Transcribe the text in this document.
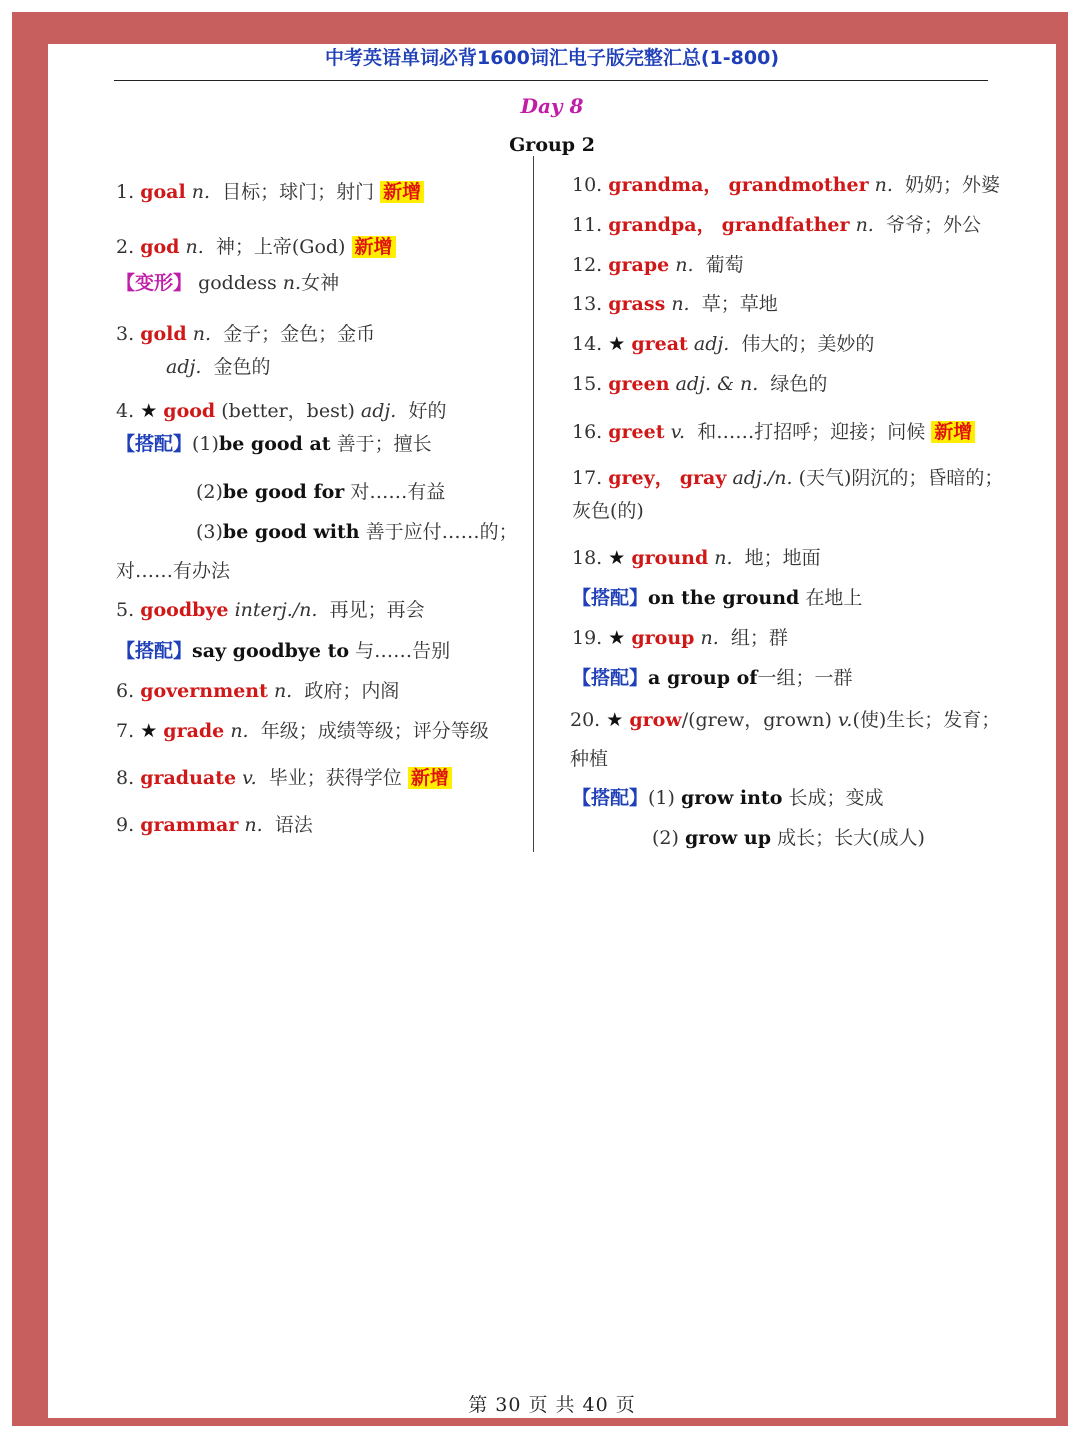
中考英语单词必背1600词汇电子版完整汇总(1-800)
Day 8
Group 2
1. goal n. 目标；球门；射门 新增
2. god n. 神；上帝(God) 新增
【变形】 goddess n.女神
3. gold n. 金子；金色；金币
adj. 金色的
4. ★ good (better，best) adj. 好的
【搭配】(1)be good at 善于；擅长
(2)be good for 对……有益
(3)be good with 善于应付……的；
对……有办法
5. goodbye interj./n. 再见；再会
【搭配】say goodbye to 与……告别
6. government n. 政府；内阁
7. ★ grade n. 年级；成绩等级；评分等级
8. graduate v. 毕业；获得学位 新增
9. grammar n. 语法
10. grandma， grandmother n. 奶奶；外婆
11. grandpa， grandfather n. 爷爷；外公
12. grape n. 葡萄
13. grass n. 草；草地
14. ★ great adj. 伟大的；美妙的
15. green adj. & n. 绿色的
16. greet v. 和……打招呼；迎接；问候 新增
17. grey， gray adj./n. (天气)阴沉的；昏暗的；
灰色(的)
18. ★ ground n. 地；地面
【搭配】on the ground 在地上
19. ★ group n. 组；群
【搭配】a group of一组；一群
20. ★ grow/(grew，grown) v.(使)生长；发育；
种植
【搭配】(1) grow into 长成；变成
(2) grow up 成长；长大(成人)
第 30 页 共 40 页
